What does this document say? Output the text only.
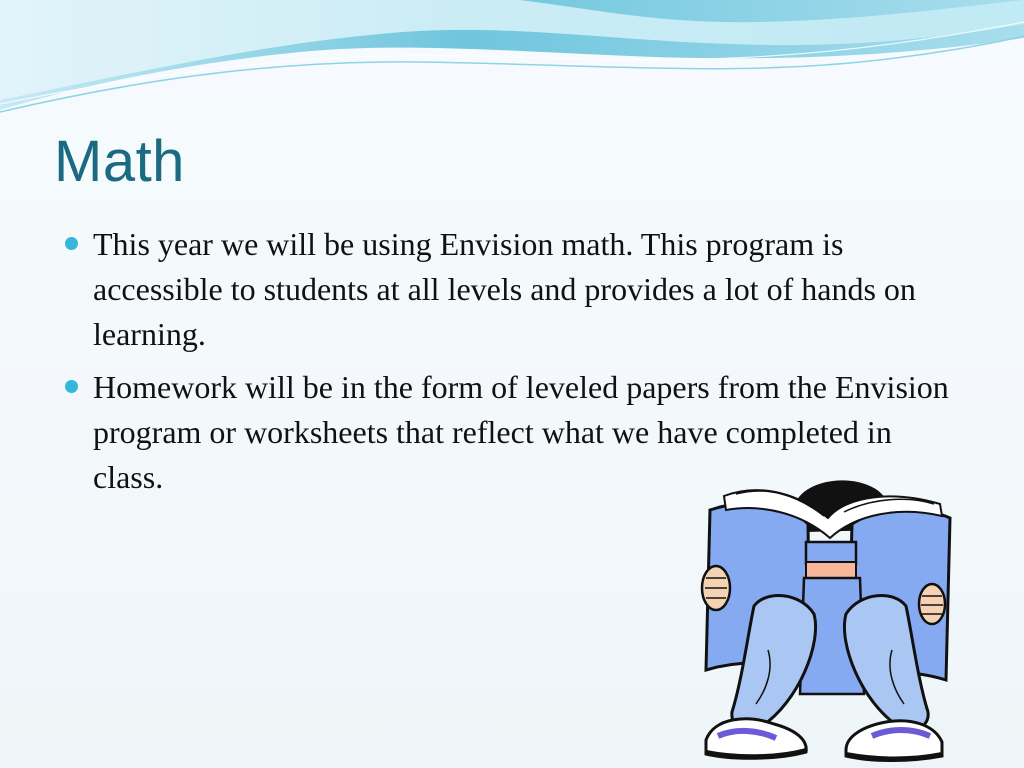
Math
This year we will be using Envision math. This program is accessible to students at all levels and provides a lot of hands on learning.
Homework will be in the form of leveled papers from the Envision program or worksheets that reflect what we have completed in class.
